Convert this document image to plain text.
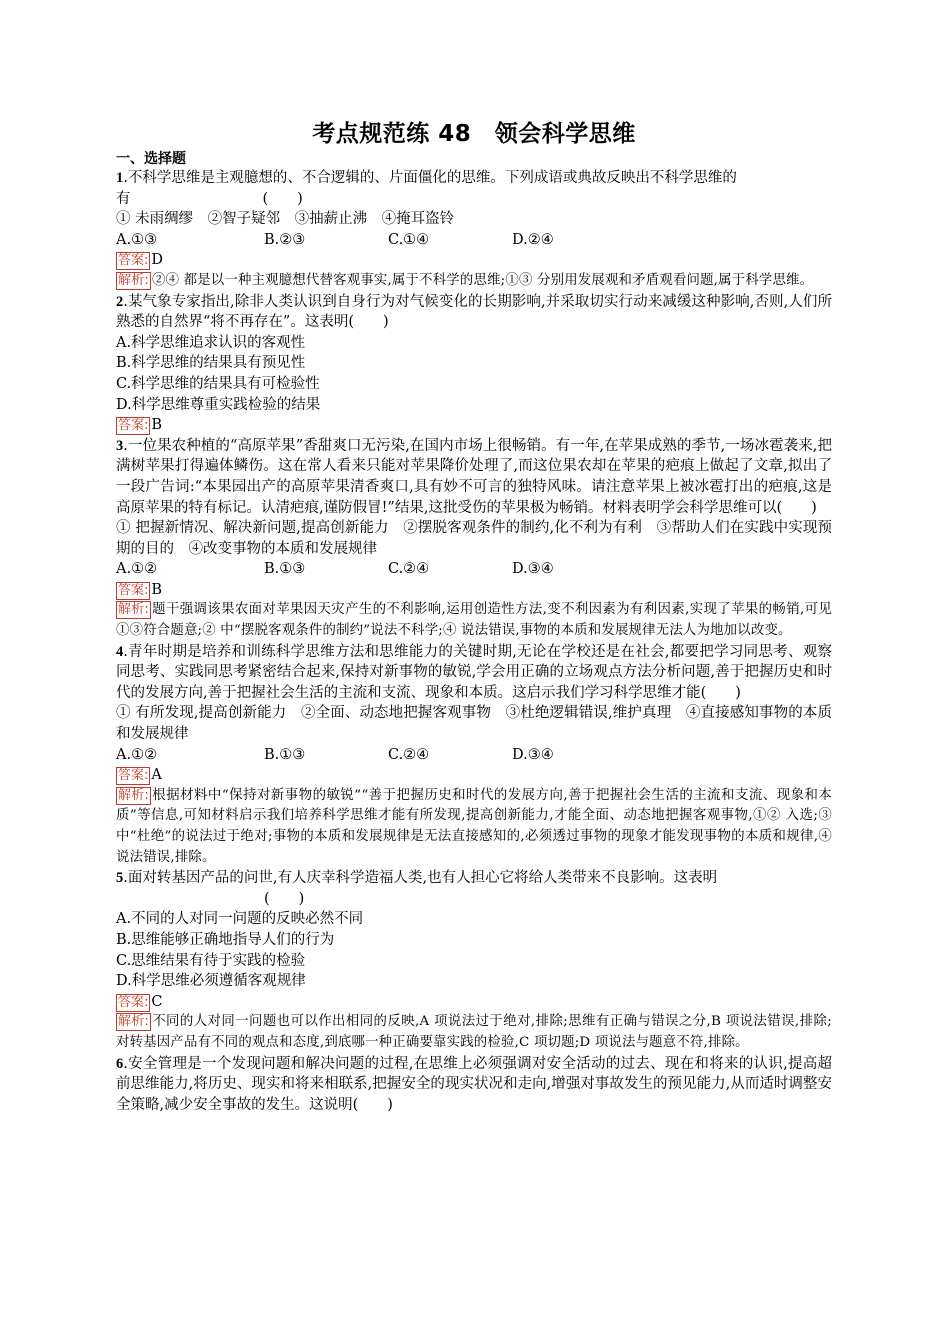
考点规范练 48　领会科学思维
一、选择题
1.不科学思维是主观臆想的、不合逻辑的、片面僵化的思维。下列成语或典故反映出不科学思维的
有	(　　)
① 未雨绸缪　②智子疑邻　③抽薪止沸　④掩耳盗铃
A.①③	B.②③	C.①④	D.②④
答案: D
解析: ②④ 都是以一种主观臆想代替客观事实,属于不科学的思维;①③ 分别用发展观和矛盾观看问题,属于科学思维。
2.某气象专家指出,除非人类认识到自身行为对气候变化的长期影响,并采取切实行动来减缓这种影响,否则,人们所熟悉的自然界“将不再存在”。这表明(　　)
A.科学思维追求认识的客观性
B.科学思维的结果具有预见性
C.科学思维的结果具有可检验性
D.科学思维尊重实践检验的结果
答案: B
3.一位果农种植的“高原苹果”香甜爽口无污染,在国内市场上很畅销。有一年,在苹果成熟的季节,一场冰雹袭来,把满树苹果打得遍体鳞伤。这在常人看来只能对苹果降价处理了,而这位果农却在苹果的疤痕上做起了文章,拟出了一段广告词:“本果园出产的高原苹果清香爽口,具有妙不可言的独特风味。请注意苹果上被冰雹打出的疤痕,这是高原苹果的特有标记。认清疤痕,谨防假冒!”结果,这批受伤的苹果极为畅销。材料表明学会科学思维可以(　　)
① 把握新情况、解决新问题,提高创新能力　②摆脱客观条件的制约,化不利为有利　③帮助人们在实践中实现预期的目的　④改变事物的本质和发展规律
A.①②	B.①③	C.②④	D.③④
答案: B
解析: 题干强调该果农面对苹果因天灾产生的不利影响,运用创造性方法,变不利因素为有利因素,实现了苹果的畅销,可见①③符合题意;② 中“摆脱客观条件的制约”说法不科学;④ 说法错误,事物的本质和发展规律无法人为地加以改变。
4.青年时期是培养和训练科学思维方法和思维能力的关键时期,无论在学校还是在社会,都要把学习同思考、观察同思考、实践同思考紧密结合起来,保持对新事物的敏锐,学会用正确的立场观点方法分析问题,善于把握历史和时代的发展方向,善于把握社会生活的主流和支流、现象和本质。这启示我们学习科学思维才能(　　)
① 有所发现,提高创新能力　②全面、动态地把握客观事物　③杜绝逻辑错误,维护真理　④直接感知事物的本质和发展规律
A.①②	B.①③	C.②④	D.③④
答案: A
解析: 根据材料中“保持对新事物的敏锐”“善于把握历史和时代的发展方向,善于把握社会生活的主流和支流、现象和本质”等信息,可知材料启示我们培养科学思维才能有所发现,提高创新能力,才能全面、动态地把握客观事物,①② 入选;③ 中“杜绝”的说法过于绝对;事物的本质和发展规律是无法直接感知的,必须透过事物的现象才能发现事物的本质和规律,④ 说法错误,排除。
5.面对转基因产品的问世,有人庆幸科学造福人类,也有人担心它将给人类带来不良影响。这表明
(　　)
A.不同的人对同一问题的反映必然不同
B.思维能够正确地指导人们的行为
C.思维结果有待于实践的检验
D.科学思维必须遵循客观规律
答案: C
解析: 不同的人对同一问题也可以作出相同的反映,A 项说法过于绝对,排除;思维有正确与错误之分,B 项说法错误,排除;对转基因产品有不同的观点和态度,到底哪一种正确要靠实践的检验,C 项切题;D 项说法与题意不符,排除。
6.安全管理是一个发现问题和解决问题的过程,在思维上必须强调对安全活动的过去、现在和将来的认识,提高超前思维能力,将历史、现实和将来相联系,把握安全的现实状况和走向,增强对事故发生的预见能力,从而适时调整安全策略,减少安全事故的发生。这说明(　　)
